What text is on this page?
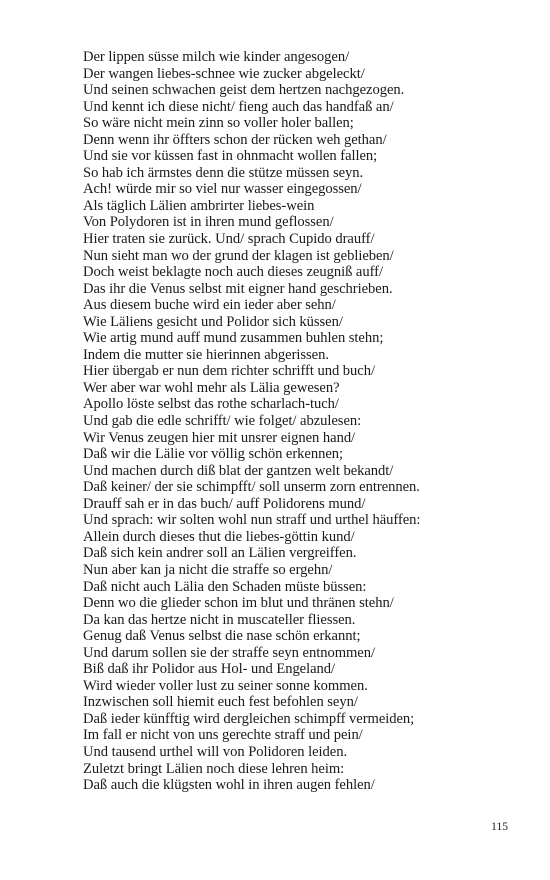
Der lippen süsse milch wie kinder angesogen/
Der wangen liebes-schnee wie zucker abgeleckt/
Und seinen schwachen geist dem hertzen nachgezogen.
Und kennt ich diese nicht/ fieng auch das handfaß an/
So wäre nicht mein zinn so voller holer ballen;
Denn wenn ihr öffters schon der rücken weh gethan/
Und sie vor küssen fast in ohnmacht wollen fallen;
So hab ich ärmstes denn die stütze müssen seyn.
Ach! würde mir so viel nur wasser eingegossen/
Als täglich Lälien ambrirter liebes-wein
Von Polydoren ist in ihren mund geflossen/
Hier traten sie zurück. Und/ sprach Cupido drauff/
Nun sieht man wo der grund der klagen ist geblieben/
Doch weist beklagte noch auch dieses zeugniß auff/
Das ihr die Venus selbst mit eigner hand geschrieben.
Aus diesem buche wird ein ieder aber sehn/
Wie Läliens gesicht und Polidor sich küssen/
Wie artig mund auff mund zusammen buhlen stehn;
Indem die mutter sie hierinnen abgerissen.
Hier übergab er nun dem richter schrifft und buch/
Wer aber war wohl mehr als Lälia gewesen?
Apollo löste selbst das rothe scharlach-tuch/
Und gab die edle schrifft/ wie folget/ abzulesen:
Wir Venus zeugen hier mit unsrer eignen hand/
Daß wir die Lälie vor völlig schön erkennen;
Und machen durch diß blat der gantzen welt bekandt/
Daß keiner/ der sie schimpfft/ soll unserm zorn entrennen.
Drauff sah er in das buch/ auff Polidorens mund/
Und sprach: wir solten wohl nun straff und urthel häuffen:
Allein durch dieses thut die liebes-göttin kund/
Daß sich kein andrer soll an Lälien vergreiffen.
Nun aber kan ja nicht die straffe so ergehn/
Daß nicht auch Lälia den Schaden müste büssen:
Denn wo die glieder schon im blut und thränen stehn/
Da kan das hertze nicht in muscateller fliessen.
Genug daß Venus selbst die nase schön erkannt;
Und darum sollen sie der straffe seyn entnommen/
Biß daß ihr Polidor aus Hol- und Engeland/
Wird wieder voller lust zu seiner sonne kommen.
Inzwischen soll hiemit euch fest befohlen seyn/
Daß ieder künfftig wird dergleichen schimpff vermeiden;
Im fall er nicht von uns gerechte straff und pein/
Und tausend urthel will von Polidoren leiden.
Zuletzt bringt Lälien noch diese lehren heim:
Daß auch die klügsten wohl in ihren augen fehlen/
115
